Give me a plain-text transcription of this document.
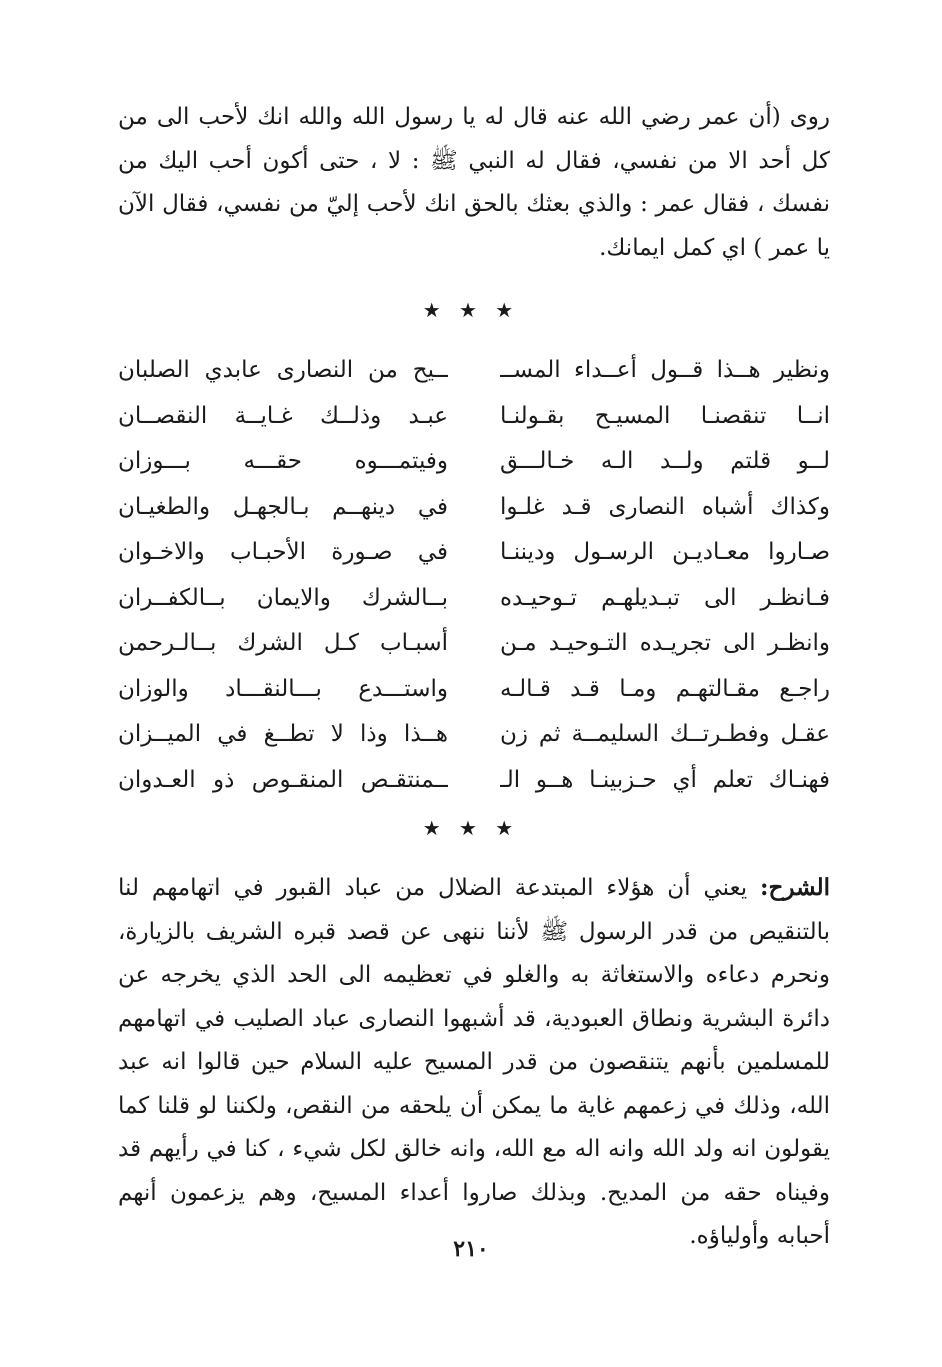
روى (أن عمر رضي الله عنه قال له يا رسول الله والله انك لأحب الى من كل أحد الا من نفسي، فقال له النبي ﷺ : لا ، حتى أكون أحب اليك من نفسك ، فقال عمر : والذي بعثك بالحق انك لأحب إليّ من نفسي، فقال الآن يا عمر ) اي كمل ايمانك.

★ ★ ★
ونظير هــذا قــول أعــداء المســ
ــيح من النصارى عابدي الصلبان
انــا تنقصنـا المسيـح بقـولنـا
عبـد وذلــك غـايــة النقصــان
لــو قلتم ولــد الـه خـالـــق
وفيتمـــوه حقـــه بـــوزان
وكذاك أشباه النصارى قـد غلـوا
في دينهــم بـالجهـل والطغيـان
صـاروا معـاديـن الرسـول وديننـا
في صـورة الأحبـاب والاخـوان
فـانظـر الى تبـديلهـم تـوحيـده
بــالشرك والايمان بــالكفــران
وانظـر الى تجريـده التـوحيـد مـن
أسبـاب كـل الشرك بــالـرحمن
راجـع مقـالتهـم ومـا قـد قـالـه
واستـــدع بـــالنقـــاد والوزان
عقـل وفطـرتــك السليمــة ثم زن
هــذا وذا لا تطــغ في الميــزان
فهنـاك تعلم أي حـزبينـا هــو الـ
ــمنتقـص المنقـوص ذو العـدوان
★ ★ ★

الشرح: يعني أن هؤلاء المبتدعة الضلال من عباد القبور في اتهامهم لنا بالتنقيص من قدر الرسول ﷺ لأننا ننهى عن قصد قبره الشريف بالزيارة، ونحرم دعاءه والاستغاثة به والغلو في تعظيمه الى الحد الذي يخرجه عن دائرة البشرية ونطاق العبودية، قد أشبهوا النصارى عباد الصليب في اتهامهم للمسلمين بأنهم يتنقصون من قدر المسيح عليه السلام حين قالوا انه عبد الله، وذلك في زعمهم غاية ما يمكن أن يلحقه من النقص، ولكننا لو قلنا كما يقولون انه ولد الله وانه اله مع الله، وانه خالق لكل شيء ، كنا في رأيهم قد وفيناه حقه من المديح. وبذلك صاروا أعداء المسيح، وهم يزعمون أنهم أحبابه وأولياؤه.

٢١٠
